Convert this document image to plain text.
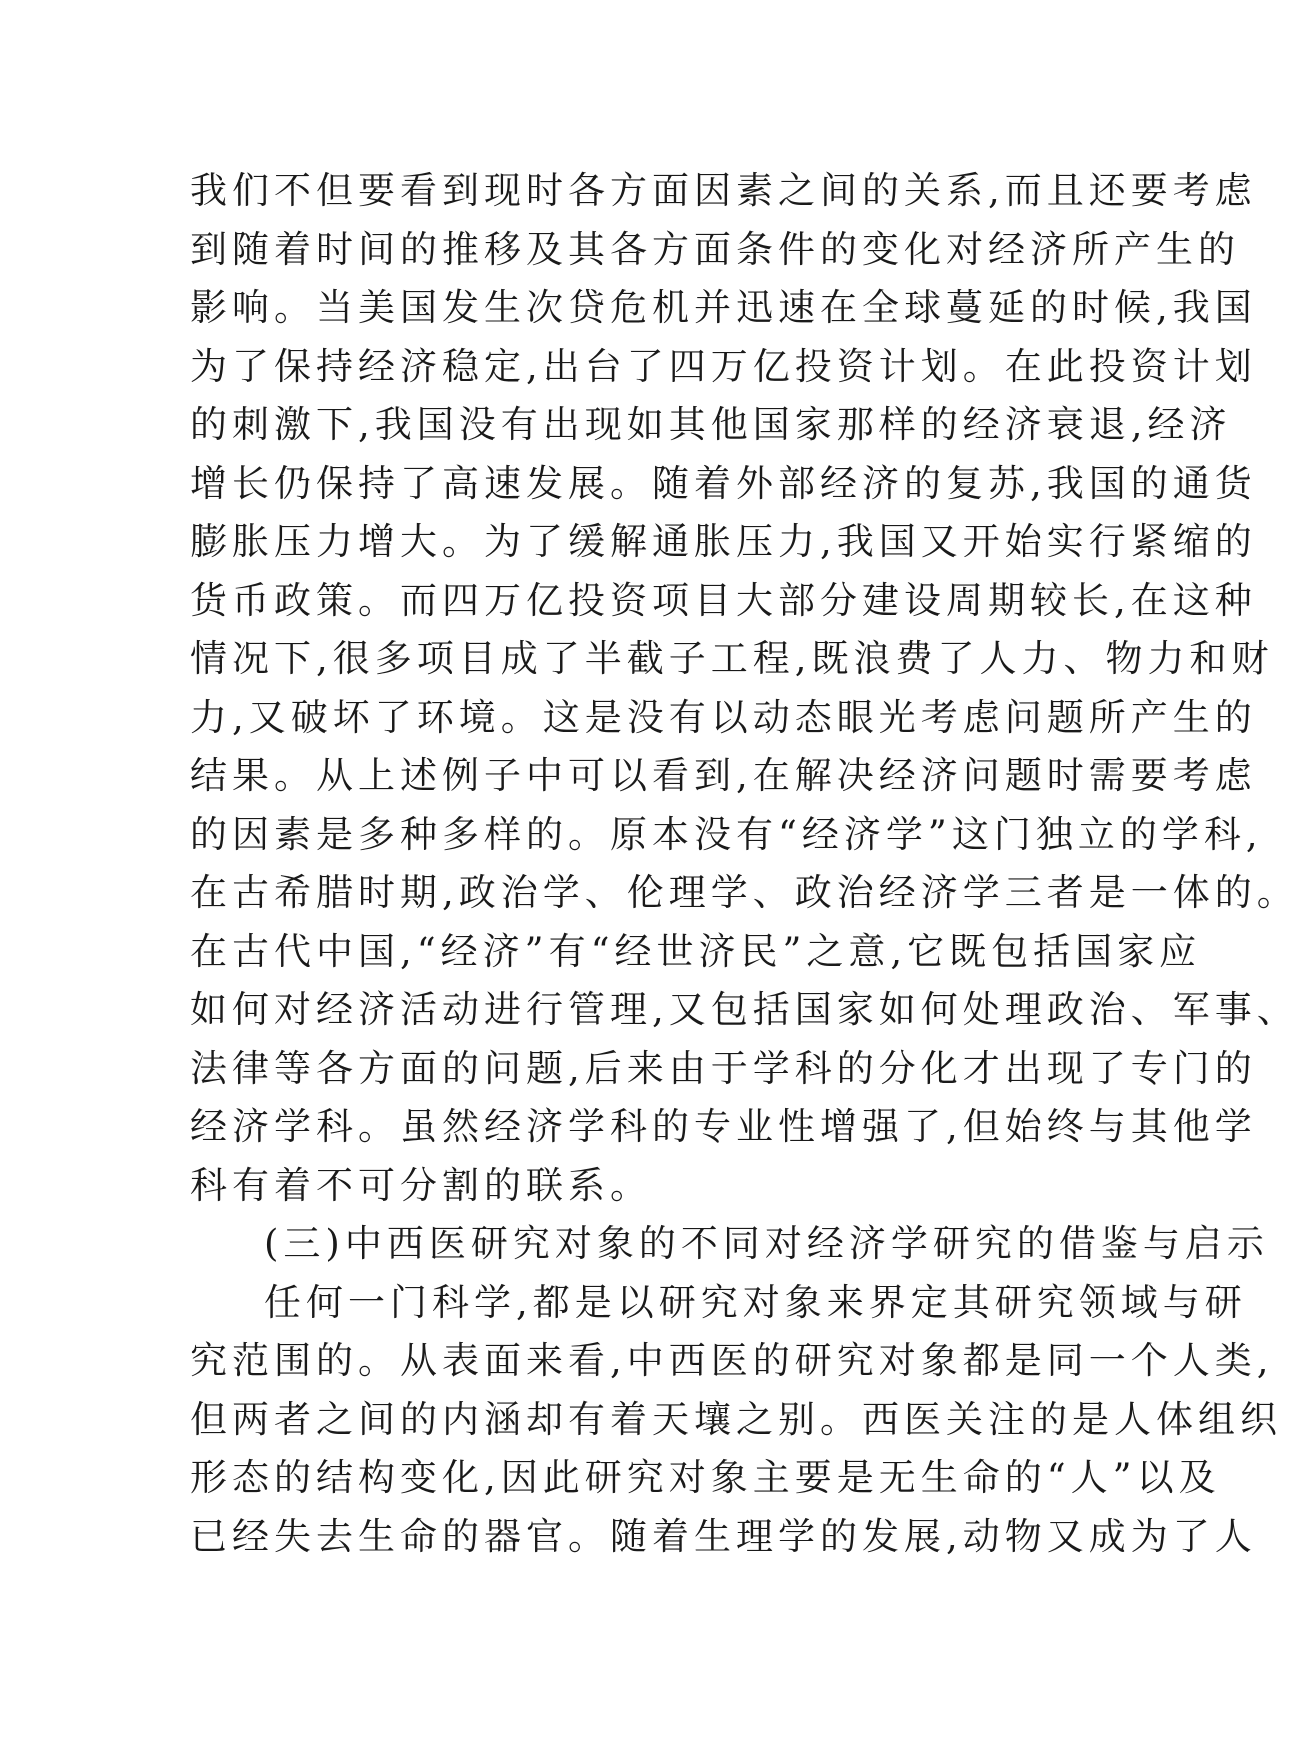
我们不但要看到现时各方面因素之间的关系,而且还要考虑
到随着时间的推移及其各方面条件的变化对经济所产生的
影响。当美国发生次贷危机并迅速在全球蔓延的时候,我国
为了保持经济稳定,出台了四万亿投资计划。在此投资计划
的刺激下,我国没有出现如其他国家那样的经济衰退,经济
增长仍保持了高速发展。随着外部经济的复苏,我国的通货
膨胀压力增大。为了缓解通胀压力,我国又开始实行紧缩的
货币政策。而四万亿投资项目大部分建设周期较长,在这种
情况下,很多项目成了半截子工程,既浪费了人力、物力和财
力,又破坏了环境。这是没有以动态眼光考虑问题所产生的
结果。从上述例子中可以看到,在解决经济问题时需要考虑
的因素是多种多样的。原本没有“经济学”这门独立的学科,
在古希腊时期,政治学、伦理学、政治经济学三者是一体的。
在古代中国,“经济”有“经世济民”之意,它既包括国家应
如何对经济活动进行管理,又包括国家如何处理政治、军事、
法律等各方面的问题,后来由于学科的分化才出现了专门的
经济学科。虽然经济学科的专业性增强了,但始终与其他学
科有着不可分割的联系。
(三)中西医研究对象的不同对经济学研究的借鉴与启示
任何一门科学,都是以研究对象来界定其研究领域与研
究范围的。从表面来看,中西医的研究对象都是同一个人类,
但两者之间的内涵却有着天壤之别。西医关注的是人体组织
形态的结构变化,因此研究对象主要是无生命的“人”以及
已经失去生命的器官。随着生理学的发展,动物又成为了人
